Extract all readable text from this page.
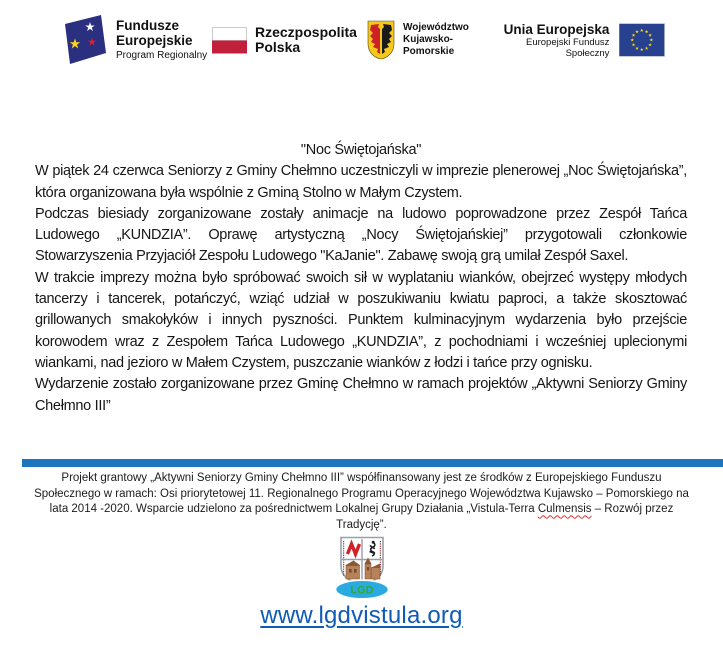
Fundusze Europejskie
Program Regionalny
Rzeczpospolita Polska
Województwo Kujawsko-Pomorskie
Unia Europejska
Europejski Fundusz Społeczny
"Noc Świętojańska"

W piątek 24 czerwca Seniorzy z Gminy Chełmno uczestniczyli w imprezie plenerowej „Noc Świętojańska”, która organizowana była wspólnie z Gminą Stolno w Małym Czystem.

Podczas biesiady zorganizowane zostały animacje na ludowo poprowadzone przez Zespół Tańca Ludowego „KUNDZIA”. Oprawę artystyczną „Nocy Świętojańskiej” przygotowali członkowie Stowarzyszenia Przyjaciół Zespołu Ludowego "KaJanie". Zabawę swoją grą umilał Zespół Saxel.

W trakcie imprezy można było spróbować swoich sił w wyplataniu wianków, obejrzeć występy młodych tancerzy i tancerek, potańczyć, wziąć udział w poszukiwaniu kwiatu paproci, a także skosztować grillowanych smakołyków i innych pyszności. Punktem kulminacyjnym wydarzenia było przejście korowodem wraz z Zespołem Tańca Ludowego „KUNDZIA”, z pochodniami i wcześniej uplecionymi wiankami, nad jezioro w Małem Czystem, puszczanie wianków z łodzi i tańce przy ognisku.

Wydarzenie zostało zorganizowane przez Gminę Chełmno w ramach projektów „Aktywni Seniorzy Gminy Chełmno III”

Projekt grantowy „Aktywni Seniorzy Gminy Chełmno III” współfinansowany jest ze środków z Europejskiego Funduszu Społecznego w ramach: Osi priorytetowej 11. Regionalnego Programu Operacyjnego Województwa Kujawsko – Pomorskiego na lata 2014 -2020. Wsparcie udzielono za pośrednictwem Lokalnej Grupy Działania „Vistula-Terra Culmensis – Rozwój przez Tradycję”.
LGD
www.lgdvistula.org
